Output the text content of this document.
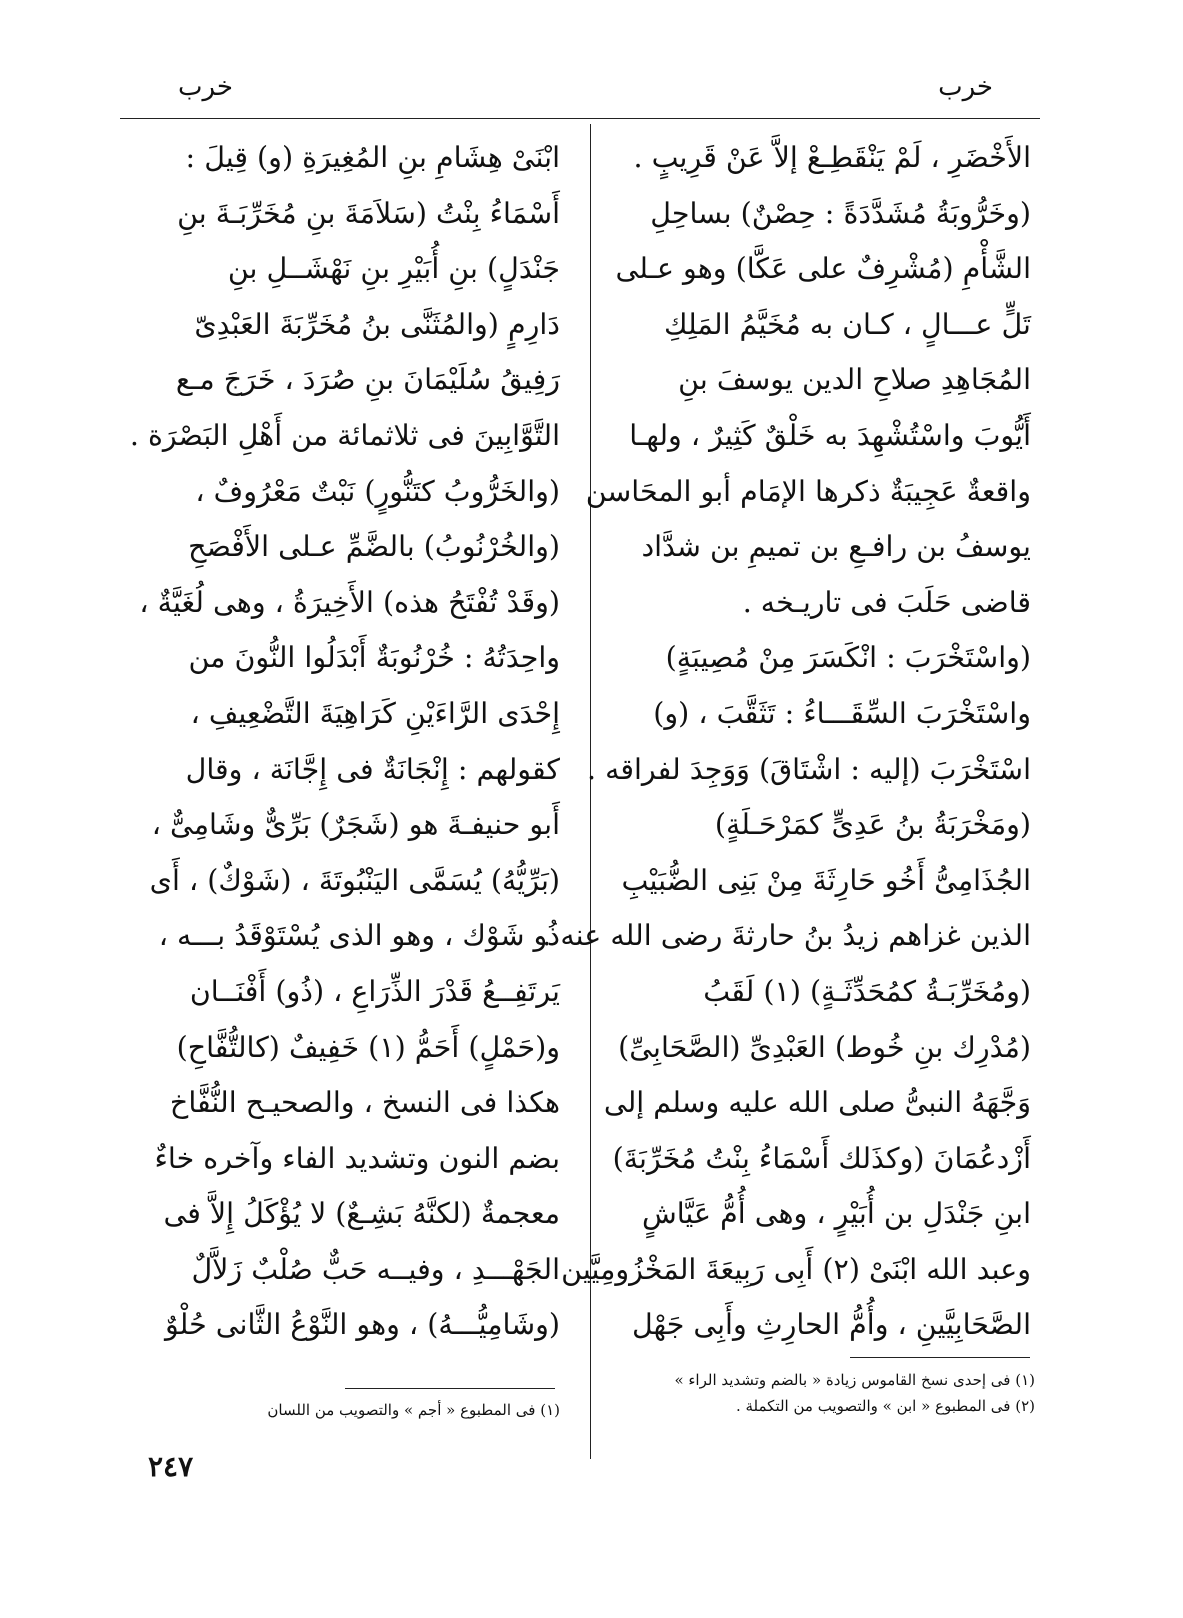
خرب
خرب
الأَخْضَرِ ، لَمْ يَنْقَطِـعْ إلاَّ عَنْ قَرِيبٍ .
(وخَرُّوبَةُ مُشَدَّدَةً : حِصْنٌ) بساحِلِ
الشَّأْمِ (مُشْرِفٌ على عَكَّا) وهو عـلى
تَلٍّ عـــالٍ ، كـان به مُخَيَّمُ المَلِكِ
المُجَاهِدِ صلاحِ الدين يوسفَ بنِ
أَيُّوبَ واسْتُشْهِدَ به خَلْقٌ كَثِيرٌ ، ولهـا
واقعةٌ عَجِيبَةٌ ذكرها الإمَام أبو المحَاسن
يوسفُ بن رافـعِ بن تميمِ بن شدَّاد
قاضى حَلَبَ فى تاريـخه .
(واسْتَخْرَبَ : انْكَسَرَ مِنْ مُصِيبَةٍ)
واسْتَخْرَبَ السِّقَـــاءُ : تَثَقَّبَ ، (و)
اسْتَخْرَبَ (إليه : اشْتَاقَ) وَوَجِدَ لفراقه .
(ومَخْرَبَةُ بنُ عَدِىٍّ كمَرْحَـلَةٍ)
الجُذَامِىُّ أَخُو حَارِثَةَ مِنْ بَنِى الضُّبَيْبِ
الذين غزاهم زيدُ بنُ حارثةَ رضى الله عنه .
(ومُخَرِّبَـةُ كمُحَدِّثَـةٍ) (١) لَقَبُ
(مُدْرِك بنِ خُوط) العَبْدِىِّ (الصَّحَابِىِّ)
وَجَّهَهُ النبىُّ صلى الله عليه وسلم إلى
أَزْدعُمَانَ (وكذَلك أَسْمَاءُ بِنْتُ مُخَرِّبَةَ)
ابنِ جَنْدَلِ بن أُبَيْرٍ ، وهى أُمُّ عَيَّاشٍ
وعبد الله ابْنَىْ (٢) أَبِى رَبِيعَةَ المَخْزُومِيَّين
الصَّحَابِيَّينِ ، وأُمُّ الحارِثِ وأَبِى جَهْل
ابْنَىْ هِشَامِ بنِ المُغِيرَةِ (و) قِيلَ :
أَسْمَاءُ بِنْتُ (سَلاَمَةَ بنِ مُخَرِّبَـةَ بنِ
جَنْدَلٍ) بنِ أُبَيْرِ بنِ نَهْشَــلِ بنِ
دَارِمٍ (والمُثَنَّى بنُ مُخَرِّبَةَ العَبْدِىّ
رَفِيقُ سُلَيْمَانَ بنِ صُرَدَ ، خَرَجَ مـع
التَّوَّابِينَ فى ثلاثمائة من أَهْلِ البَصْرَة .
(والخَرُّوبُ كتَنُّورٍ) نَبْتٌ مَعْرُوفٌ ،
(والخُرْنُوبُ) بالضَّمِّ عـلى الأَفْصَحِ
(وقَدْ تُفْتَحُ هذه) الأَخِيرَةُ ، وهى لُغَيَّةٌ ،
واحِدَتُهُ : خُرْنُوبَةٌ أَبْدَلُوا النُّونَ من
إِحْدَى الرَّاءَيْنِ كَرَاهِيَةَ التَّضْعِيفِ ،
كقولهم : إِنْجَانَةٌ فى إِجَّانَة ، وقال
أَبو حنيفـةَ هو (شَجَرٌ) بَرِّىٌّ وشَامِىٌّ ،
(بَرِّيُّهُ) يُسَمَّى اليَنْبُوتَةَ ، (شَوْكٌ) ، أَى
ذُو شَوْك ، وهو الذى يُسْتَوْقَدُ بـــه ،
يَرتَفِــعُ قَدْرَ الذِّرَاعِ ، (ذُو) أَفْنَــان
و(حَمْلٍ) أَحَمُّ (١) خَفِيفٌ (كالتُّفَّاحِ)
هكذا فى النسخ ، والصحيـح النُّفَّاخ
بضم النون وتشديد الفاء وآخره خاءٌ
معجمةٌ (لكنَّهُ بَشِـعٌ) لا يُؤْكَلُ إِلاَّ فى
الجَهْـــدِ ، وفيــه حَبٌّ صُلْبٌ زَلاَّلٌ
(وشَامِيُّـــهُ) ، وهو النَّوْعُ الثَّانى حُلْوٌ
(١) فى إحدى نسخ القاموس زيادة « بالضم وتشديد الراء »
(٢) فى المطبوع « ابن » والتصويب من التكملة .
(١) فى المطبوع « أجم » والتصويب من اللسان
٢٤٧
